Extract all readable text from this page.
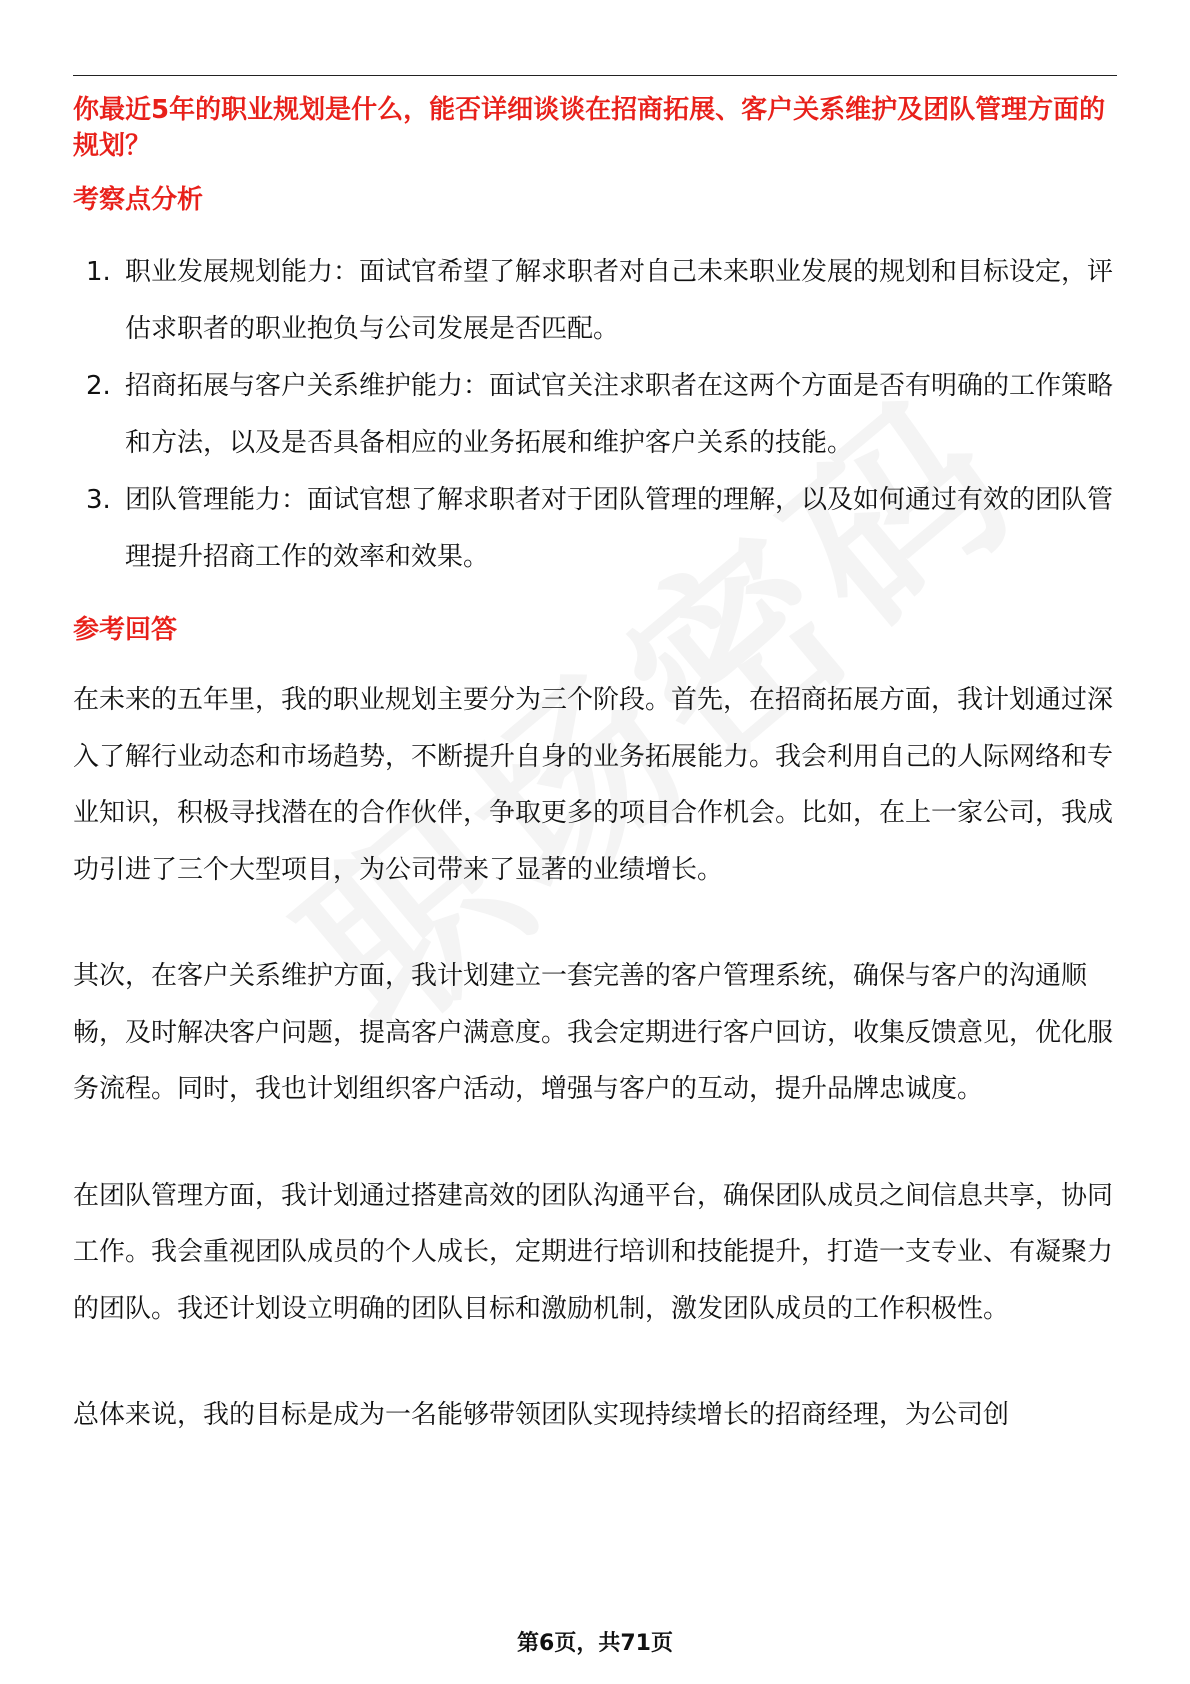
你最近5年的职业规划是什么，能否详细谈谈在招商拓展、客户关系维护及团队管理方面的规划？

考察点分析
1. 职业发展规划能力：面试官希望了解求职者对自己未来职业发展的规划和目标设定，评估求职者的职业抱负与公司发展是否匹配。
2. 招商拓展与客户关系维护能力：面试官关注求职者在这两个方面是否有明确的工作策略和方法，以及是否具备相应的业务拓展和维护客户关系的技能。
3. 团队管理能力：面试官想了解求职者对于团队管理的理解，以及如何通过有效的团队管理提升招商工作的效率和效果。
参考回答

在未来的五年里，我的职业规划主要分为三个阶段。首先，在招商拓展方面，我计划通过深入了解行业动态和市场趋势，不断提升自身的业务拓展能力。我会利用自己的人际网络和专业知识，积极寻找潜在的合作伙伴，争取更多的项目合作机会。比如，在上一家公司，我成功引进了三个大型项目，为公司带来了显著的业绩增长。

其次，在客户关系维护方面，我计划建立一套完善的客户管理系统，确保与客户的沟通顺畅，及时解决客户问题，提高客户满意度。我会定期进行客户回访，收集反馈意见，优化服务流程。同时，我也计划组织客户活动，增强与客户的互动，提升品牌忠诚度。

在团队管理方面，我计划通过搭建高效的团队沟通平台，确保团队成员之间信息共享，协同工作。我会重视团队成员的个人成长，定期进行培训和技能提升，打造一支专业、有凝聚力的团队。我还计划设立明确的团队目标和激励机制，激发团队成员的工作积极性。

总体来说，我的目标是成为一名能够带领团队实现持续增长的招商经理，为公司创

第6页，共71页
